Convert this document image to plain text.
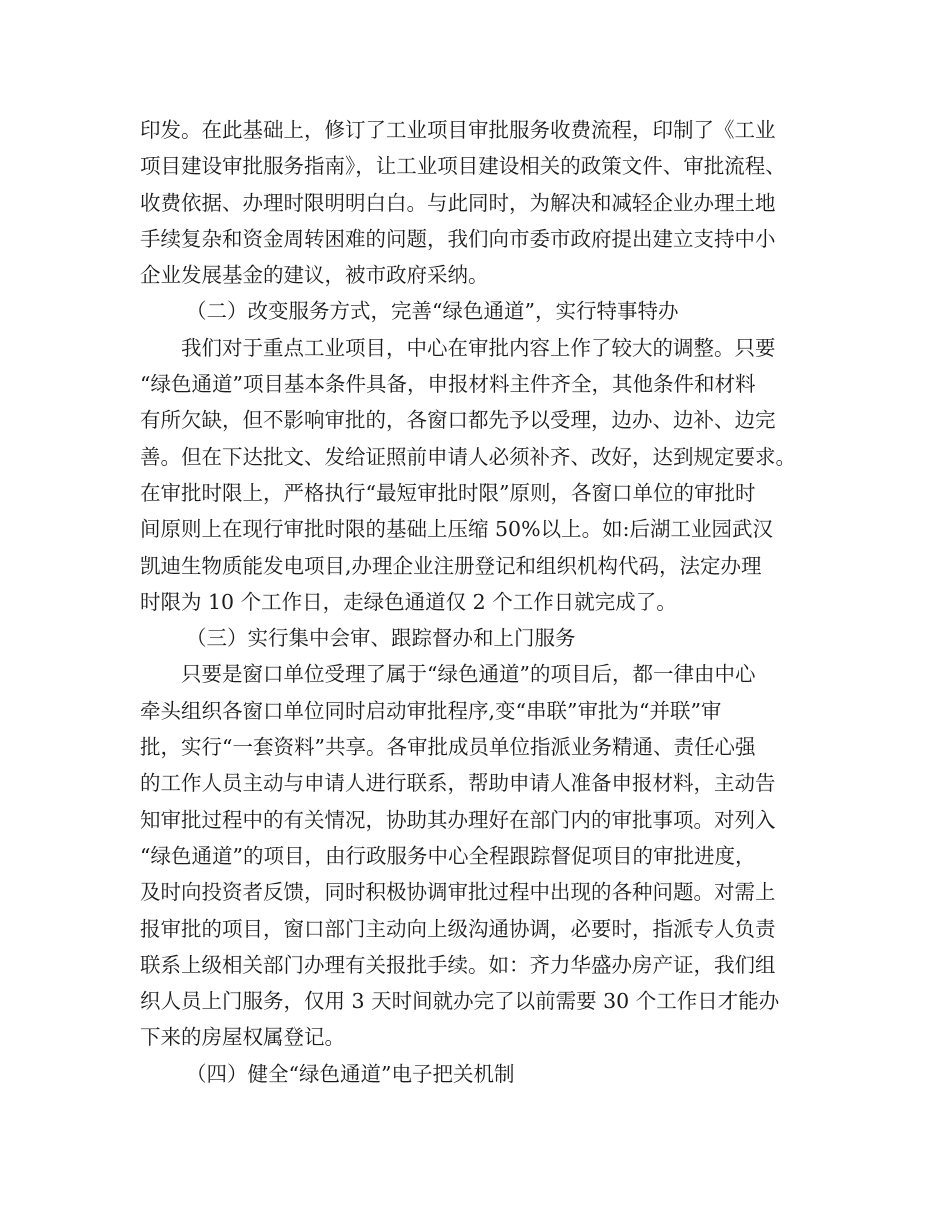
印发。在此基础上，修订了工业项目审批服务收费流程，印制了《工业
项目建设审批服务指南》，让工业项目建设相关的政策文件、审批流程、
收费依据、办理时限明明白白。与此同时，为解决和减轻企业办理土地
手续复杂和资金周转困难的问题，我们向市委市政府提出建立支持中小
企业发展基金的建议，被市政府采纳。
（二）改变服务方式，完善“绿色通道”，实行特事特办
我们对于重点工业项目，中心在审批内容上作了较大的调整。只要
“绿色通道”项目基本条件具备，申报材料主件齐全，其他条件和材料
有所欠缺，但不影响审批的，各窗口都先予以受理，边办、边补、边完
善。但在下达批文、发给证照前申请人必须补齐、改好，达到规定要求。
在审批时限上，严格执行“最短审批时限”原则，各窗口单位的审批时
间原则上在现行审批时限的基础上压缩 50%以上。如:后湖工业园武汉
凯迪生物质能发电项目,办理企业注册登记和组织机构代码，法定办理
时限为 10 个工作日，走绿色通道仅 2 个工作日就完成了。
（三）实行集中会审、跟踪督办和上门服务
只要是窗口单位受理了属于“绿色通道”的项目后，都一律由中心
牵头组织各窗口单位同时启动审批程序,变“串联”审批为“并联”审
批，实行“一套资料”共享。各审批成员单位指派业务精通、责任心强
的工作人员主动与申请人进行联系，帮助申请人准备申报材料，主动告
知审批过程中的有关情况，协助其办理好在部门内的审批事项。对列入
“绿色通道”的项目，由行政服务中心全程跟踪督促项目的审批进度，
及时向投资者反馈，同时积极协调审批过程中出现的各种问题。对需上
报审批的项目，窗口部门主动向上级沟通协调，必要时，指派专人负责
联系上级相关部门办理有关报批手续。如：齐力华盛办房产证，我们组
织人员上门服务，仅用 3 天时间就办完了以前需要 30 个工作日才能办
下来的房屋权属登记。
（四）健全“绿色通道”电子把关机制
